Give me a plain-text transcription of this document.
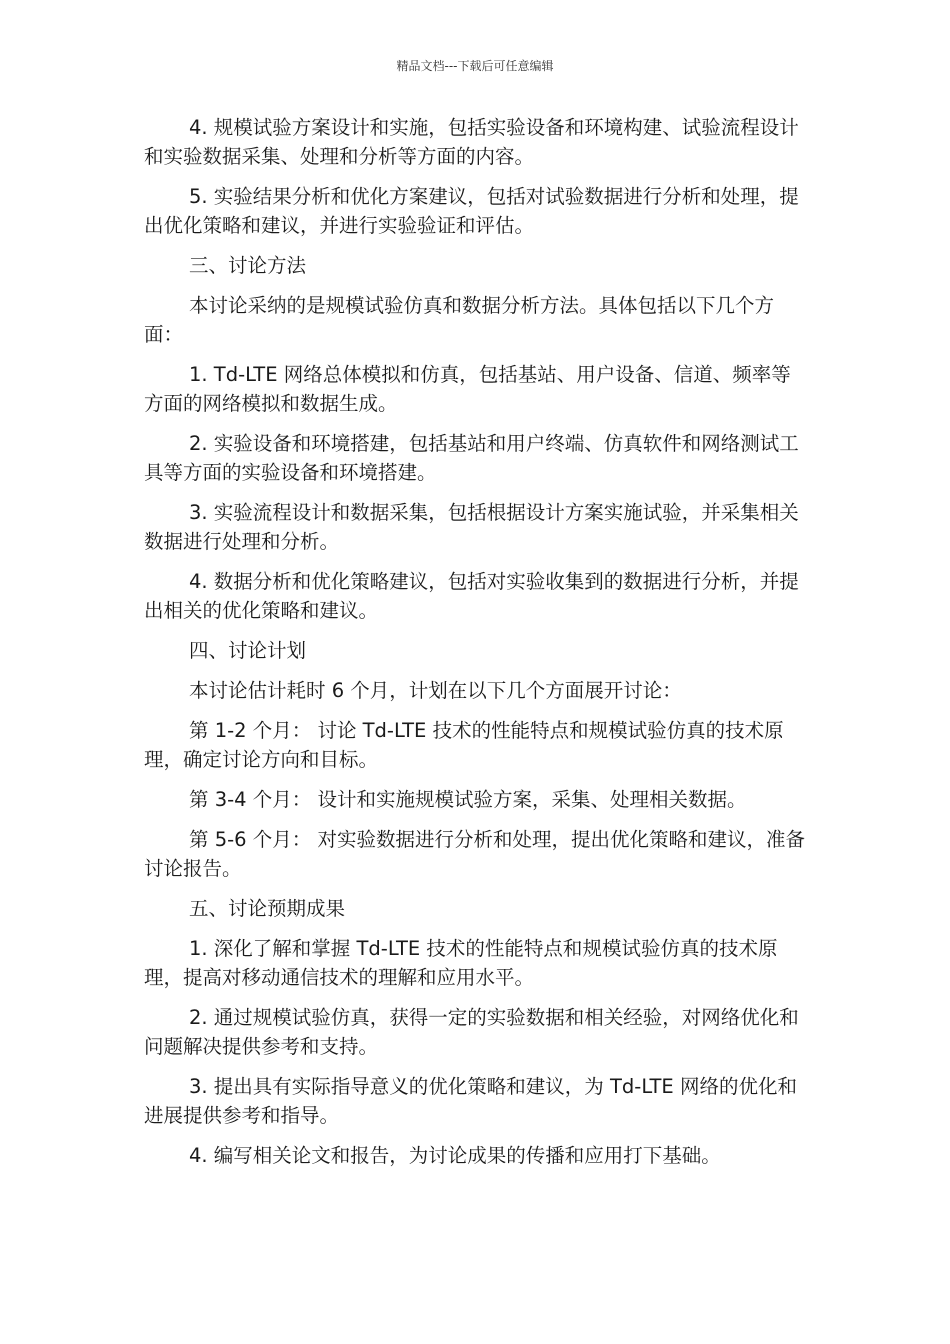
精品文档---下载后可任意编辑

4. 规模试验方案设计和实施，包括实验设备和环境构建、试验流程设计和实验数据采集、处理和分析等方面的内容。

5. 实验结果分析和优化方案建议，包括对试验数据进行分析和处理，提出优化策略和建议，并进行实验验证和评估。

三、讨论方法

本讨论采纳的是规模试验仿真和数据分析方法。具体包括以下几个方面：

1. Td-LTE 网络总体模拟和仿真，包括基站、用户设备、信道、频率等方面的网络模拟和数据生成。

2. 实验设备和环境搭建，包括基站和用户终端、仿真软件和网络测试工具等方面的实验设备和环境搭建。

3. 实验流程设计和数据采集，包括根据设计方案实施试验，并采集相关数据进行处理和分析。

4. 数据分析和优化策略建议，包括对实验收集到的数据进行分析，并提出相关的优化策略和建议。

四、讨论计划

本讨论估计耗时 6 个月，计划在以下几个方面展开讨论：

第 1-2 个月： 讨论 Td-LTE 技术的性能特点和规模试验仿真的技术原理，确定讨论方向和目标。

第 3-4 个月： 设计和实施规模试验方案，采集、处理相关数据。

第 5-6 个月： 对实验数据进行分析和处理，提出优化策略和建议，准备讨论报告。

五、讨论预期成果

1. 深化了解和掌握 Td-LTE 技术的性能特点和规模试验仿真的技术原理，提高对移动通信技术的理解和应用水平。

2. 通过规模试验仿真，获得一定的实验数据和相关经验，对网络优化和问题解决提供参考和支持。

3. 提出具有实际指导意义的优化策略和建议，为 Td-LTE 网络的优化和进展提供参考和指导。

4. 编写相关论文和报告，为讨论成果的传播和应用打下基础。
